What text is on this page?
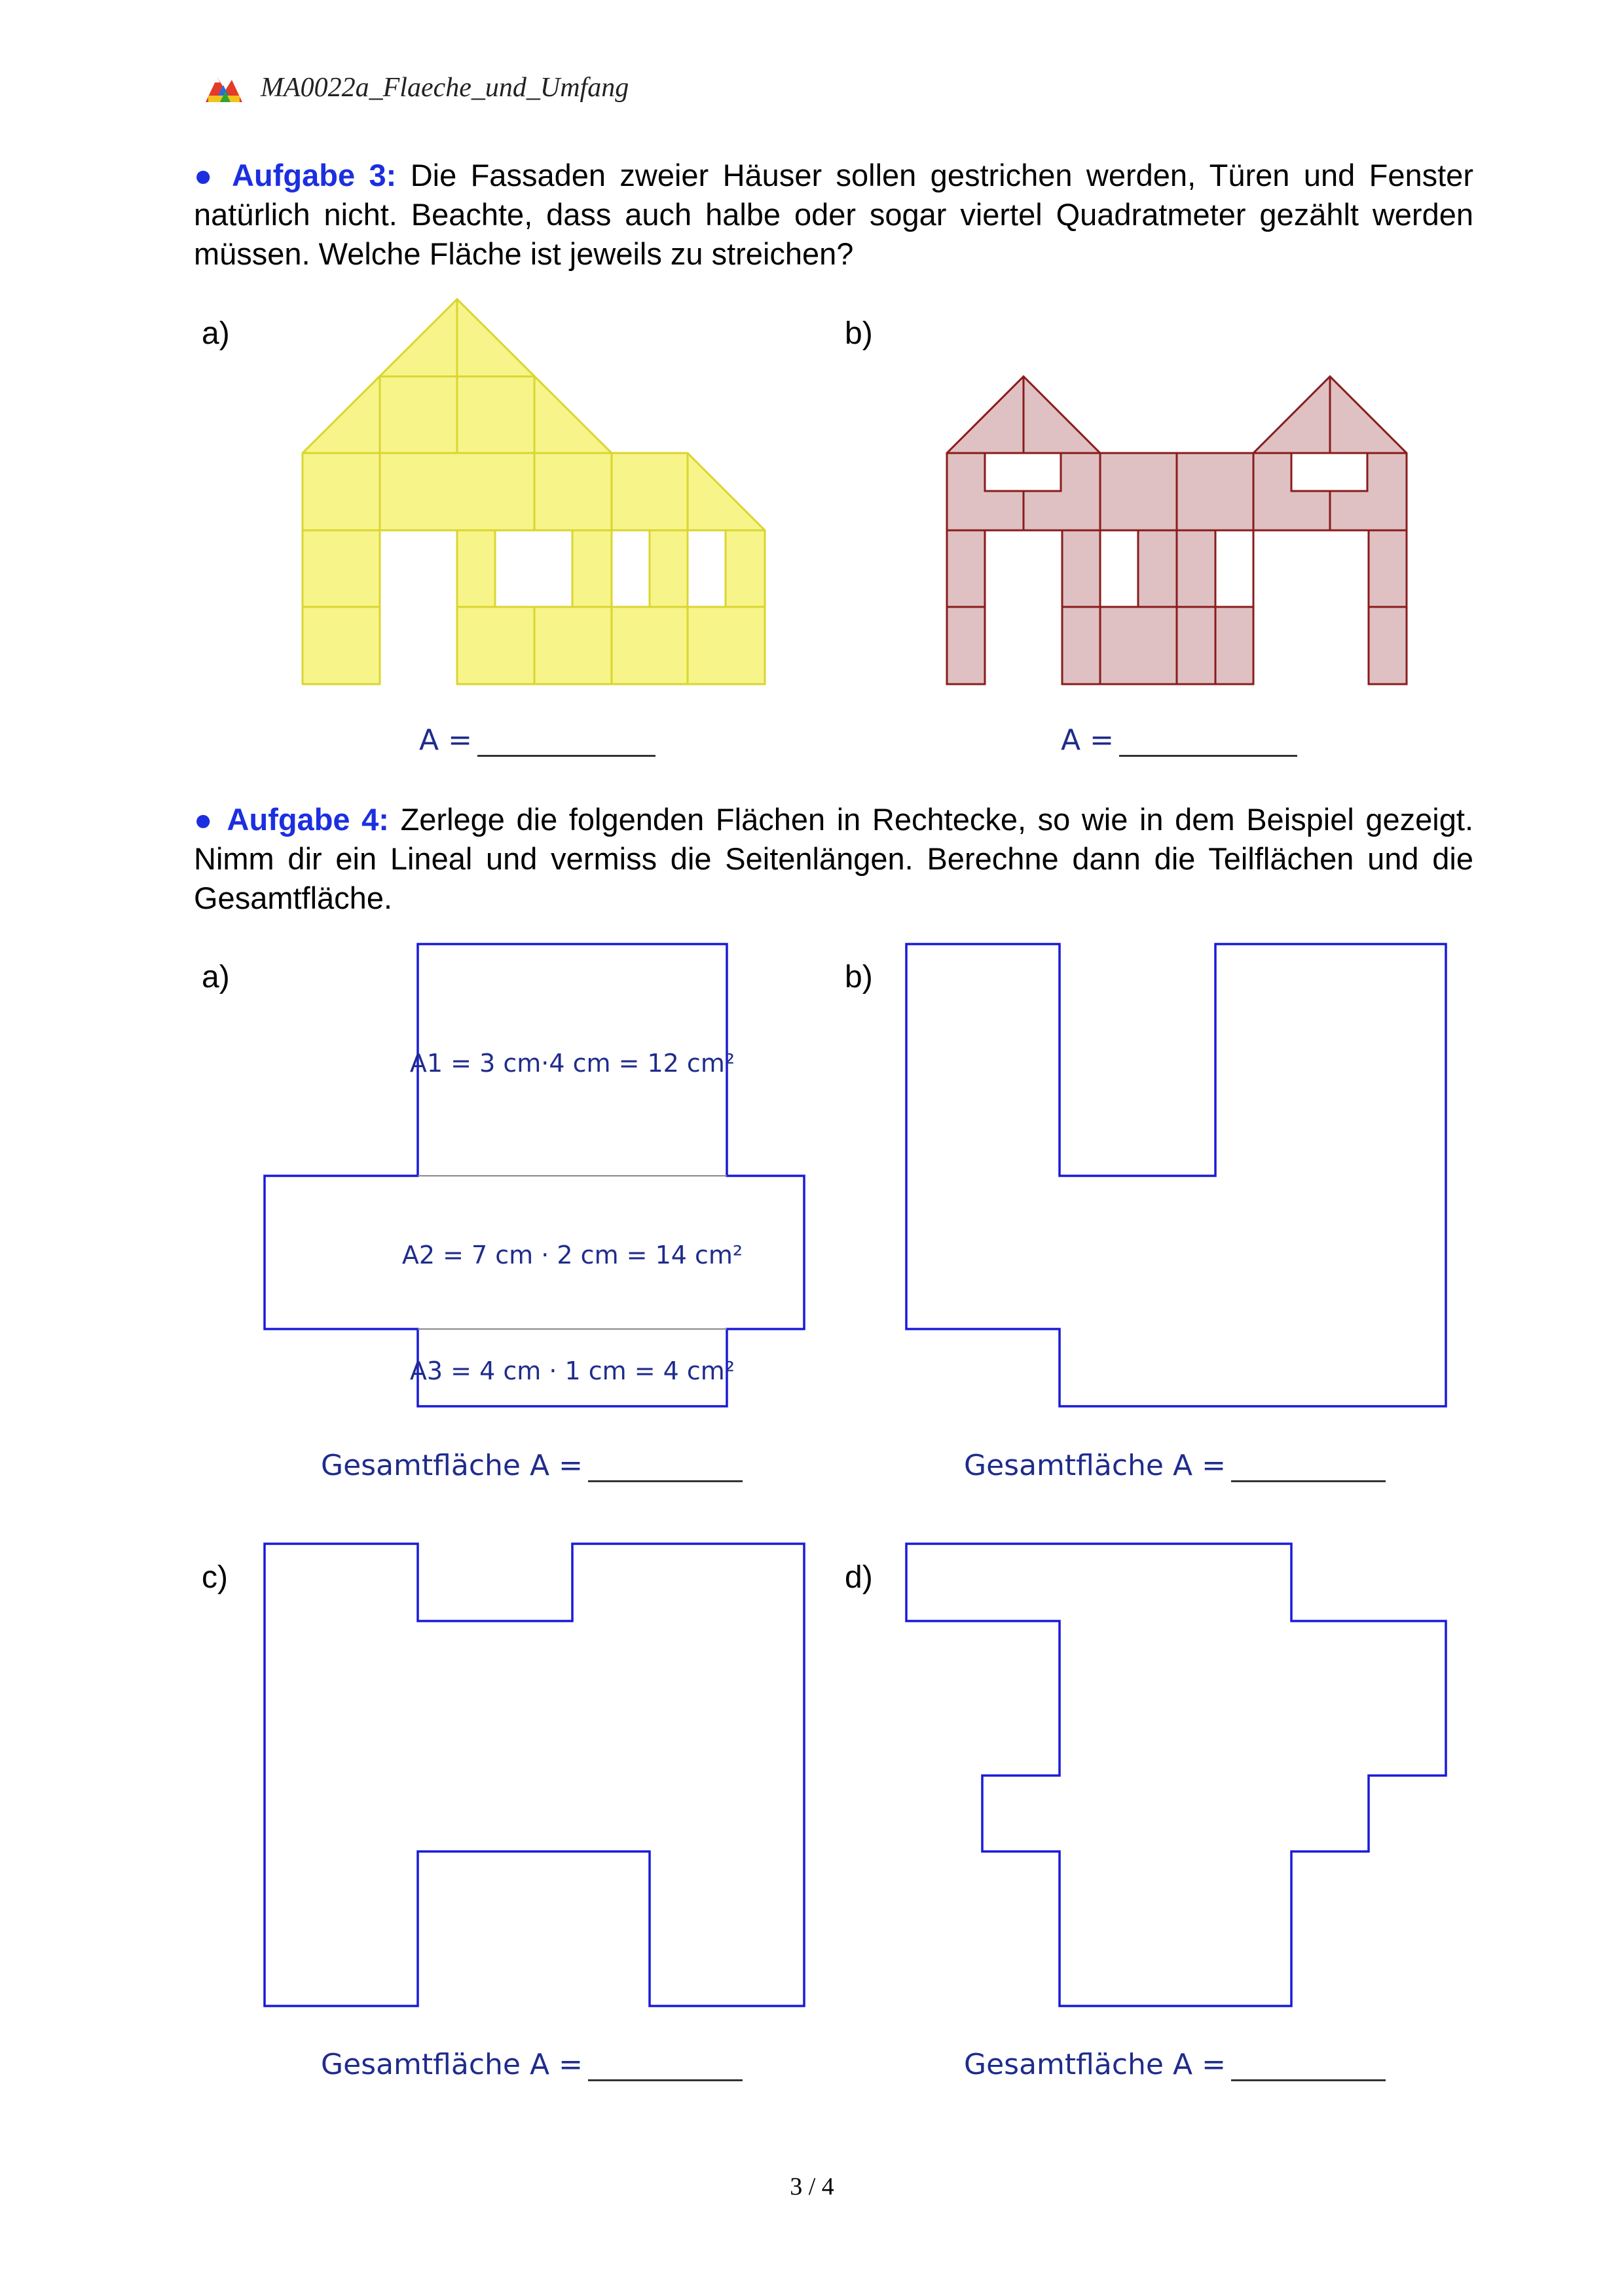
MA0022a_Flaeche_und_Umfang
● Aufgabe 3: Die Fassaden zweier Häuser sollen gestrichen werden, Türen und Fenster natürlich nicht. Beachte, dass auch halbe oder sogar viertel Quadratmeter gezählt werden müssen. Welche Fläche ist jeweils zu streichen?
a)	b)
A =	A =
● Aufgabe 4: Zerlege die folgenden Flächen in Rechtecke, so wie in dem Beispiel gezeigt. Nimm dir ein Lineal und vermiss die Seitenlängen. Berechne dann die Teilflächen und die Gesamtfläche.
a)	b)
c)	d)
A1 = 3 cm·4 cm = 12 cm²
A2 = 7 cm · 2 cm = 14 cm²
A3 = 4 cm · 1 cm = 4 cm²
Gesamtfläche A =	Gesamtfläche A =
Gesamtfläche A =	Gesamtfläche A =
3 / 4
